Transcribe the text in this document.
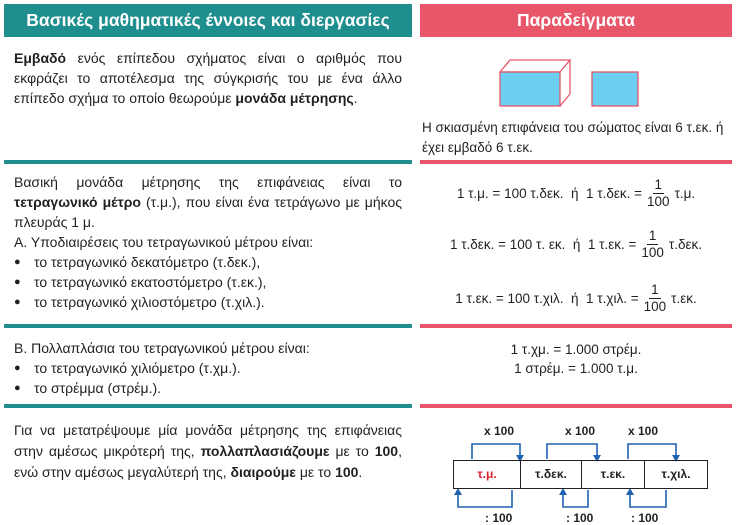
Βασικές μαθηματικές έννοιες και διεργασίες	Παραδείγματα
Εμβαδό ενός επίπεδου σχήματος είναι ο αριθμός που εκφράζει το αποτέλεσμα της σύγκρισής του με ένα άλλο επίπεδο σχήμα το οποίο θεωρούμε μονάδα μέτρησης.
Η σκιασμένη επιφάνεια του σώματος είναι 6 τ.εκ. ή έχει εμβαδό 6 τ.εκ.
Βασική μονάδα μέτρησης της επιφάνειας είναι το τετραγωνικό μέτρο (τ.μ.), που είναι ένα τετράγωνο με μήκος πλευράς 1 μ.
Α. Υποδιαιρέσεις του τετραγωνικού μέτρου είναι:
● το τετραγωνικό δεκατόμετρο (τ.δεκ.),
● το τετραγωνικό εκατοστόμετρο (τ.εκ.),
● το τετραγωνικό χιλιοστόμετρο (τ.χιλ.).
1 τ.μ. = 100 τ.δεκ.
ή
1 τ.δεκ. = $\frac{1}{100} \tau.\mu$.
1 τ.δεκ. = 100 τ. εκ.
ή
1 τ.εκ. = $\frac{1}{100} \tau.\delta\varepsilon\kappa$.
1 τ.εκ. = 100 τ.χιλ.
ή
1 τ.χιλ. = $\frac{1}{100} \tau.\varepsilon\kappa$.
Β. Πολλαπλάσια του τετραγωνικού μέτρου είναι:
● το τετραγωνικό χιλιόμετρο (τ.χμ.).
● το στρέμμα (στρέμ.).
1 τ.χμ. = 1.000 στρέμ.
1 στρέμ. = 1.000 τ.μ.
Για να μετατρέψουμε μία μονάδα μέτρησης της επιφάνειας στην αμέσως μικρότερή της, πολλαπλασιάζουμε με το 100, ενώ στην αμέσως μεγαλύτερή της, διαιρούμε με το 100.
x 100	x 100	x 100
τ.μ.	τ.δεκ.	τ.εκ.	τ.χιλ.
: 100	: 100	: 100
